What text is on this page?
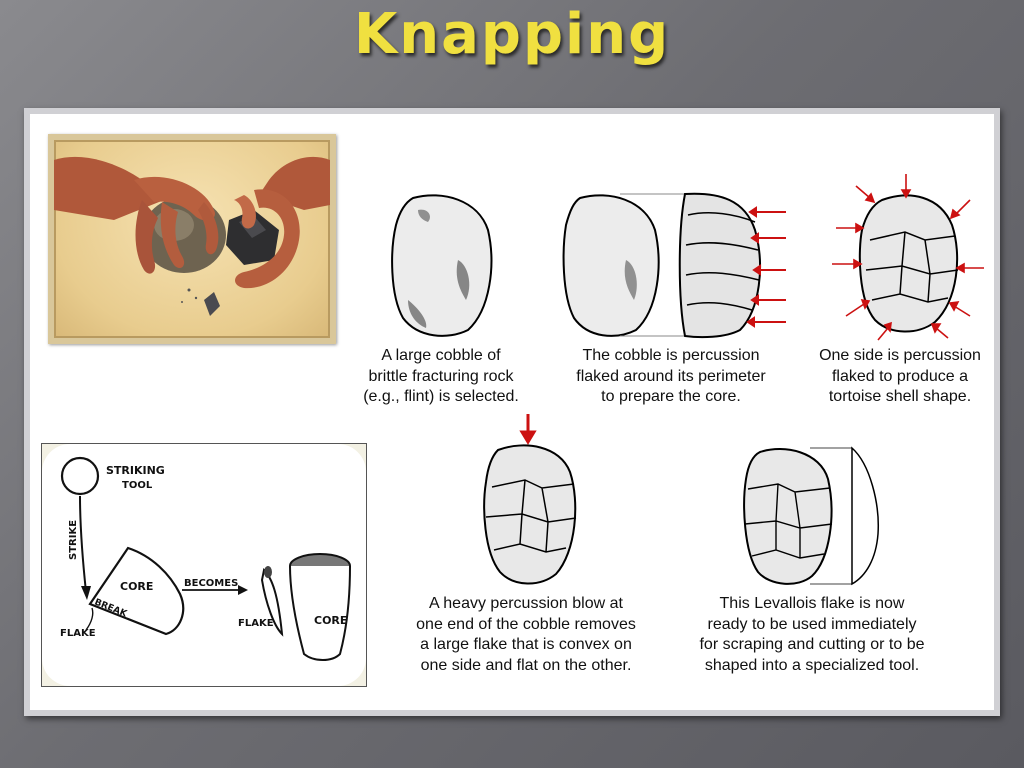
Knapping
A large cobble of
brittle fracturing rock
(e.g., flint) is selected.
The cobble is percussion
flaked around its perimeter
to prepare the core.
One side is percussion
flaked to produce a
tortoise shell shape.
A heavy percussion blow at
one end of the cobble removes
a large flake that is convex on
one side and flat on the other.
This Levallois flake is now
ready to be used immediately
for scraping and cutting or to be
shaped into a specialized tool.
STRIKING
TOOL
STRIKE
CORE
BREAK
FLAKE
BECOMES
FLAKE	CORE
